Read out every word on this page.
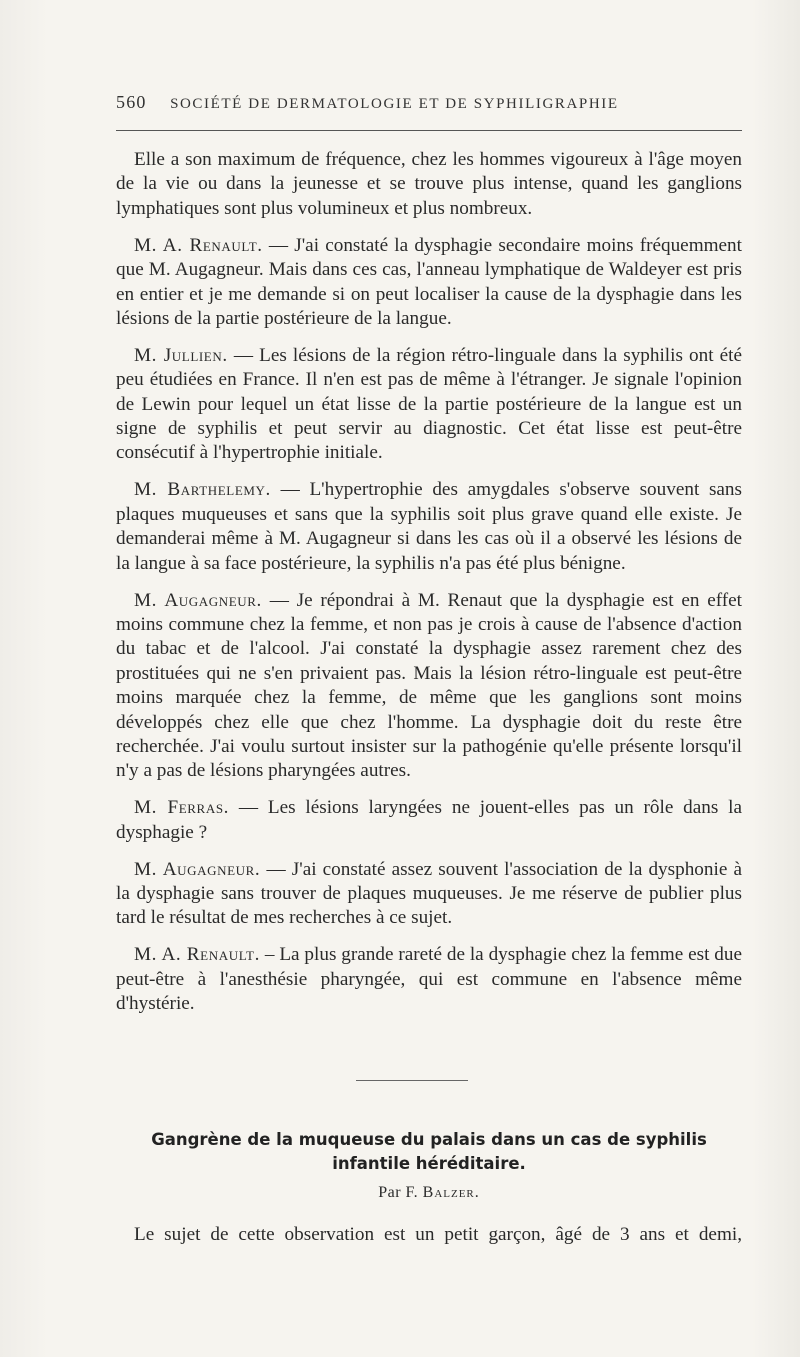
560 SOCIÉTÉ DE DERMATOLOGIE ET DE SYPHILIGRAPHIE

Elle a son maximum de fréquence, chez les hommes vigoureux à l'âge moyen de la vie ou dans la jeunesse et se trouve plus intense, quand les ganglions lymphatiques sont plus volumineux et plus nombreux.

M. A. Renault. — J'ai constaté la dysphagie secondaire moins fréquemment que M. Augagneur. Mais dans ces cas, l'anneau lymphatique de Waldeyer est pris en entier et je me demande si on peut localiser la cause de la dysphagie dans les lésions de la partie postérieure de la langue.

M. Jullien. — Les lésions de la région rétro-linguale dans la syphilis ont été peu étudiées en France. Il n'en est pas de même à l'étranger. Je signale l'opinion de Lewin pour lequel un état lisse de la partie postérieure de la langue est un signe de syphilis et peut servir au diagnostic. Cet état lisse est peut-être consécutif à l'hypertrophie initiale.

M. Barthelemy. — L'hypertrophie des amygdales s'observe souvent sans plaques muqueuses et sans que la syphilis soit plus grave quand elle existe. Je demanderai même à M. Augagneur si dans les cas où il a observé les lésions de la langue à sa face postérieure, la syphilis n'a pas été plus bénigne.

M. Augagneur. — Je répondrai à M. Renaut que la dysphagie est en effet moins commune chez la femme, et non pas je crois à cause de l'absence d'action du tabac et de l'alcool. J'ai constaté la dysphagie assez rarement chez des prostituées qui ne s'en privaient pas. Mais la lésion rétro-linguale est peut-être moins marquée chez la femme, de même que les ganglions sont moins développés chez elle que chez l'homme. La dysphagie doit du reste être recherchée. J'ai voulu surtout insister sur la pathogénie qu'elle présente lorsqu'il n'y a pas de lésions pharyngées autres.

M. Ferras. — Les lésions laryngées ne jouent-elles pas un rôle dans la dysphagie ?

M. Augagneur. — J'ai constaté assez souvent l'association de la dysphonie à la dysphagie sans trouver de plaques muqueuses. Je me réserve de publier plus tard le résultat de mes recherches à ce sujet.

M. A. Renault. – La plus grande rareté de la dysphagie chez la femme est due peut-être à l'anesthésie pharyngée, qui est commune en l'absence même d'hystérie.

Gangrène de la muqueuse du palais dans un cas de syphilis infantile héréditaire.
Par F. Balzer.
Le sujet de cette observation est un petit garçon, âgé de 3 ans et demi,
